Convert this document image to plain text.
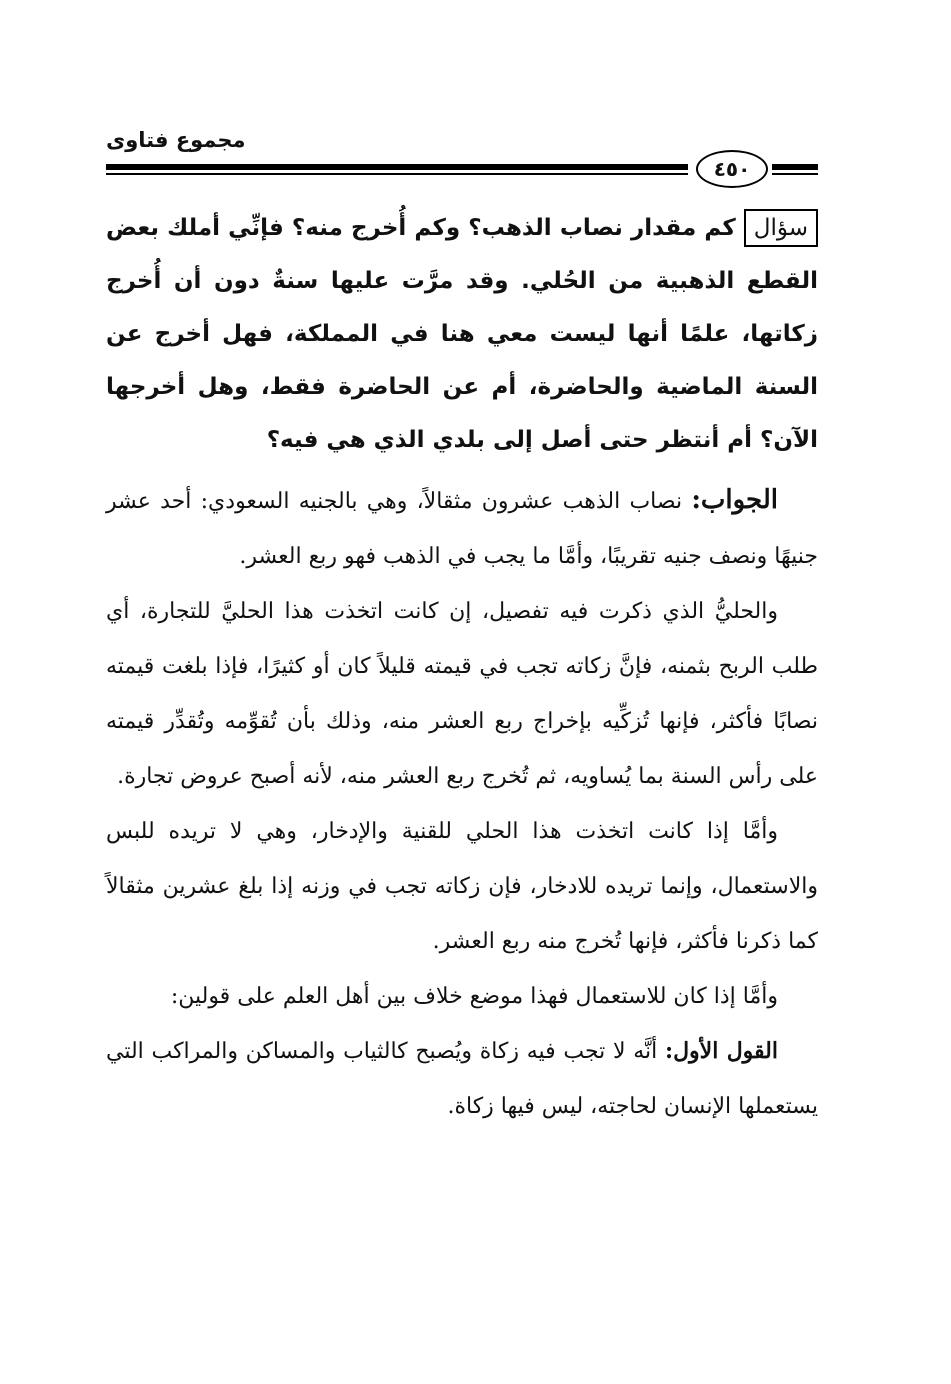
مجموع فتاوى
٤٥٠

سؤالكم مقدار نصاب الذهب؟ وكم أُخرج منه؟ فإنِّي أملك بعض القطع الذهبية من الحُلي. وقد مرَّت عليها سنةٌ دون أن أُخرج زكاتها، علمًا أنها ليست معي هنا في المملكة، فهل أخرج عن السنة الماضية والحاضرة، أم عن الحاضرة فقط، وهل أخرجها الآن؟ أم أنتظر حتى أصل إلى بلدي الذي هي فيه؟

الجواب: نصاب الذهب عشرون مثقالاً، وهي بالجنيه السعودي: أحد عشر جنيهًا ونصف جنيه تقريبًا، وأمَّا ما يجب في الذهب فهو ربع العشر.

والحليُّ الذي ذكرت فيه تفصيل، إن كانت اتخذت هذا الحليَّ للتجارة، أي طلب الربح بثمنه، فإنَّ زكاته تجب في قيمته قليلاً كان أو كثيرًا، فإذا بلغت قيمته نصابًا فأكثر، فإنها تُزكِّيه بإخراج ربع العشر منه، وذلك بأن تُقوِّمه وتُقدِّر قيمته على رأس السنة بما يُساويه، ثم تُخرج ربع العشر منه، لأنه أصبح عروض تجارة.

وأمَّا إذا كانت اتخذت هذا الحلي للقنية والإدخار، وهي لا تريده للبس والاستعمال، وإنما تريده للادخار، فإن زكاته تجب في وزنه إذا بلغ عشرين مثقالاً كما ذكرنا فأكثر، فإنها تُخرج منه ربع العشر.

وأمَّا إذا كان للاستعمال فهذا موضع خلاف بين أهل العلم على قولين:

القول الأول: أنَّه لا تجب فيه زكاة ويُصبح كالثياب والمساكن والمراكب التي يستعملها الإنسان لحاجته، ليس فيها زكاة.
